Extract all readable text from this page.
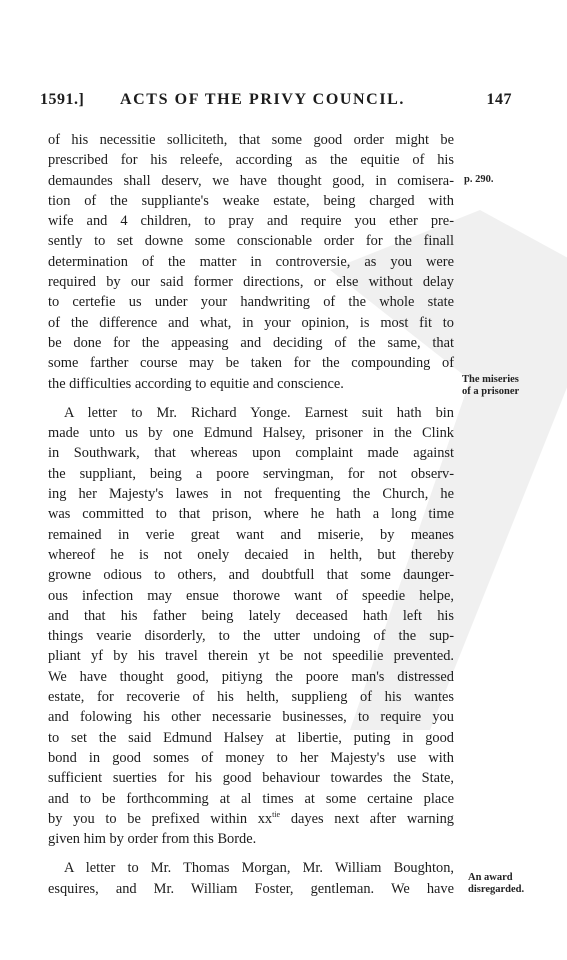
1591.] ACTS OF THE PRIVY COUNCIL.	147

of his necessitie solliciteth, that some good order might be
prescribed for his releefe, according as the equitie of his
demaundes shall deserv, we have thought good, in comisera-
tion of the suppliante's weake estate, being charged with
wife and 4 children, to pray and require you ether pre-
sently to set downe some conscionable order for the finall
determination of the matter in controversie, as you were
required by our said former directions, or else without delay
to certefie us under your handwriting of the whole state
of the difference and what, in your opinion, is most fit to
be done for the appeasing and deciding of the same, that
some farther course may be taken for the compounding of
the difficulties according to equitie and conscience.

A letter to Mr. Richard Yonge. Earnest suit hath bin
made unto us by one Edmund Halsey, prisoner in the Clink
in Southwark, that whereas upon complaint made against
the suppliant, being a poore servingman, for not observ-
ing her Majesty's lawes in not frequenting the Church, he
was committed to that prison, where he hath a long time
remained in verie great want and miserie, by meanes
whereof he is not onely decaied in helth, but thereby
growne odious to others, and doubtfull that some daunger-
ous infection may ensue thorowe want of speedie helpe,
and that his father being lately deceased hath left his
things vearie disorderly, to the utter undoing of the sup-
pliant yf by his travel therein yt be not speedilie prevented.
We have thought good, pitiyng the poore man's distressed
estate, for recoverie of his helth, supplieng of his wantes
and folowing his other necessarie businesses, to require you
to set the said Edmund Halsey at libertie, puting in good
bond in good somes of money to her Majesty's use with
sufficient suerties for his good behaviour towardes the State,
and to be forthcomming at al times at some certaine place
by you to be prefixed within $xx^{tie}$ dayes next after warning
given him by order from this Borde.

A letter to Mr. Thomas Morgan, Mr. William Boughton,
esquires, and Mr. William Foster, gentleman. We have

p. 290.
The miseries
of a prisoner
An award
disregarded.
